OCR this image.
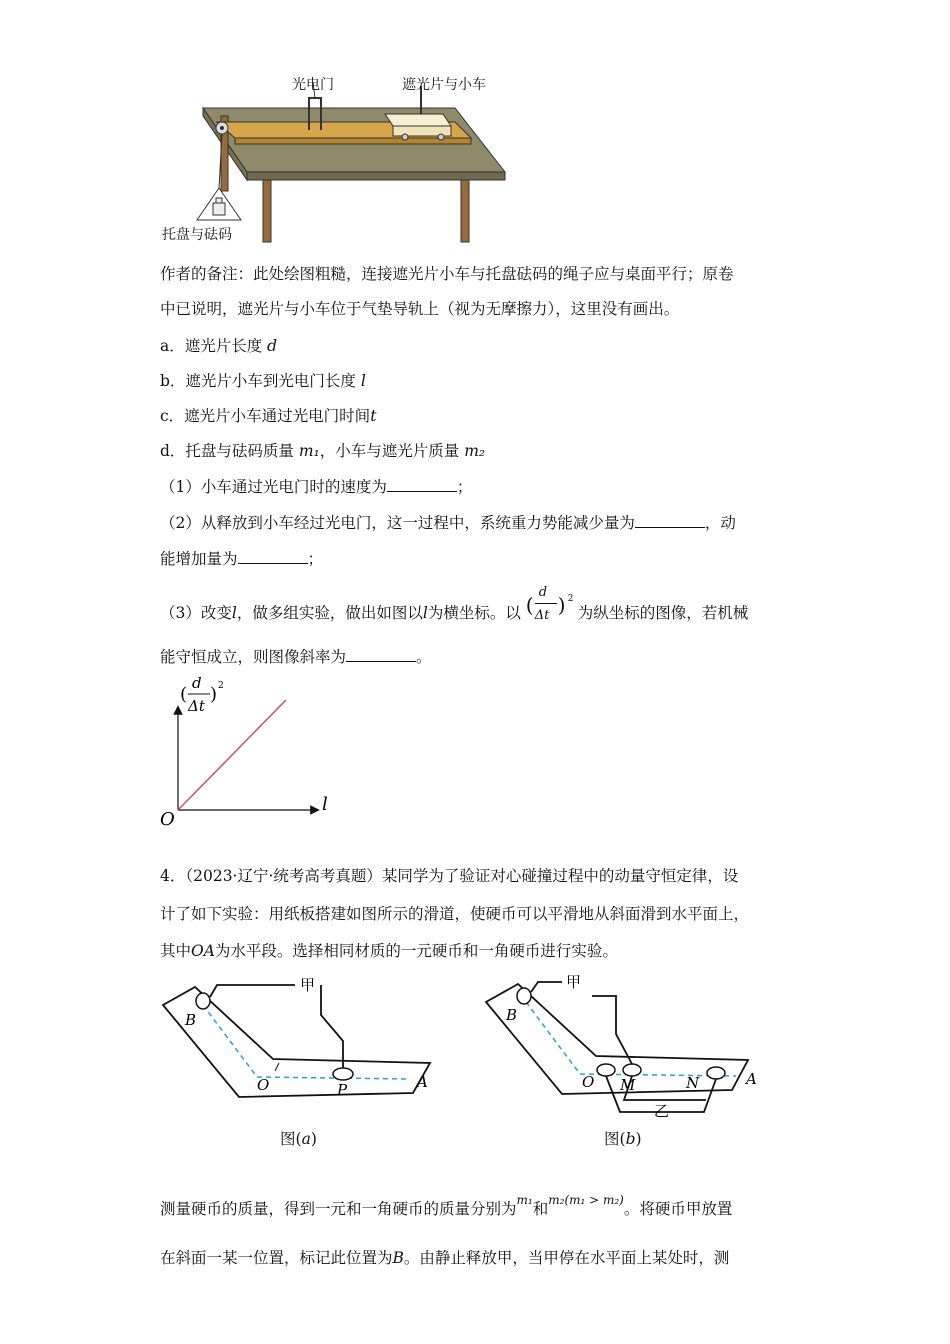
光电门	遮光片与小车
托盘与砝码
作者的备注：此处绘图粗糙，连接遮光片小车与托盘砝码的绳子应与桌面平行；原卷
中已说明，遮光片与小车位于气垫导轨上（视为无摩擦力），这里没有画出。
a．遮光片长度 d
b．遮光片小车到光电门长度 l
c．遮光片小车通过光电门时间t
d．托盘与砝码质量 m₁，小车与遮光片质量 m₂
（1）小车通过光电门时的速度为	；
（2）从释放到小车经过光电门，这一过程中，系统重力势能减少量为	，动
能增加量为	；
（3）改变l，做多组实验，做出如图以l为横坐标。以 (
d
Δt ) 2
为纵坐标的图像，若机械
能守恒成立，则图像斜率为	。
(
d
Δt
) 2
l
O
4．（2023·辽宁·统考高考真题）某同学为了验证对心碰撞过程中的动量守恒定律，设
计了如下实验：用纸板搭建如图所示的滑道，使硬币可以平滑地从斜面滑到水平面上，
其中OA为水平段。选择相同材质的一元硬币和一角硬币进行实验。
甲
B
O	P	A
图(a)
甲
乙
B
O M	N	A
图(b)
测量硬币的质量，得到一元和一角硬币的质量分别为$^{m_1}$和$^{m_2(m_1 > m_2)}$。将硬币甲放置
在斜面一某一位置，标记此位置为B。由静止释放甲，当甲停在水平面上某处时，测
